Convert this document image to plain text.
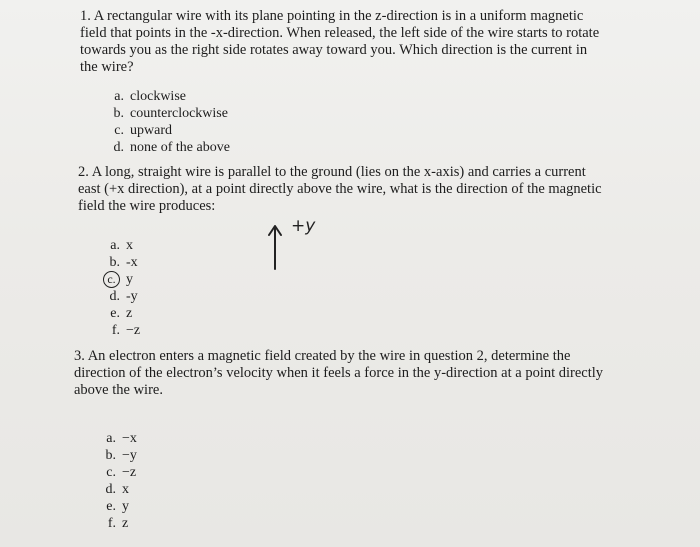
1. A rectangular wire with its plane pointing in the z-direction is in a uniform magnetic field that points in the -x-direction. When released, the left side of the wire starts to rotate towards you as the right side rotates away toward you. Which direction is the current in the wire?

a. clockwise
b. counterclockwise
c. upward
d. none of the above

2. A long, straight wire is parallel to the ground (lies on the x-axis) and carries a current east (+x direction), at a point directly above the wire, what is the direction of the magnetic field the wire produces:

+y
a. x
b. -x
c. y
d. -y
e. z
f. −z

3. An electron enters a magnetic field created by the wire in question 2, determine the direction of the electron’s velocity when it feels a force in the y-direction at a point directly above the wire.

a. −x
b. −y
c. −z
d. x
e. y
f. z
